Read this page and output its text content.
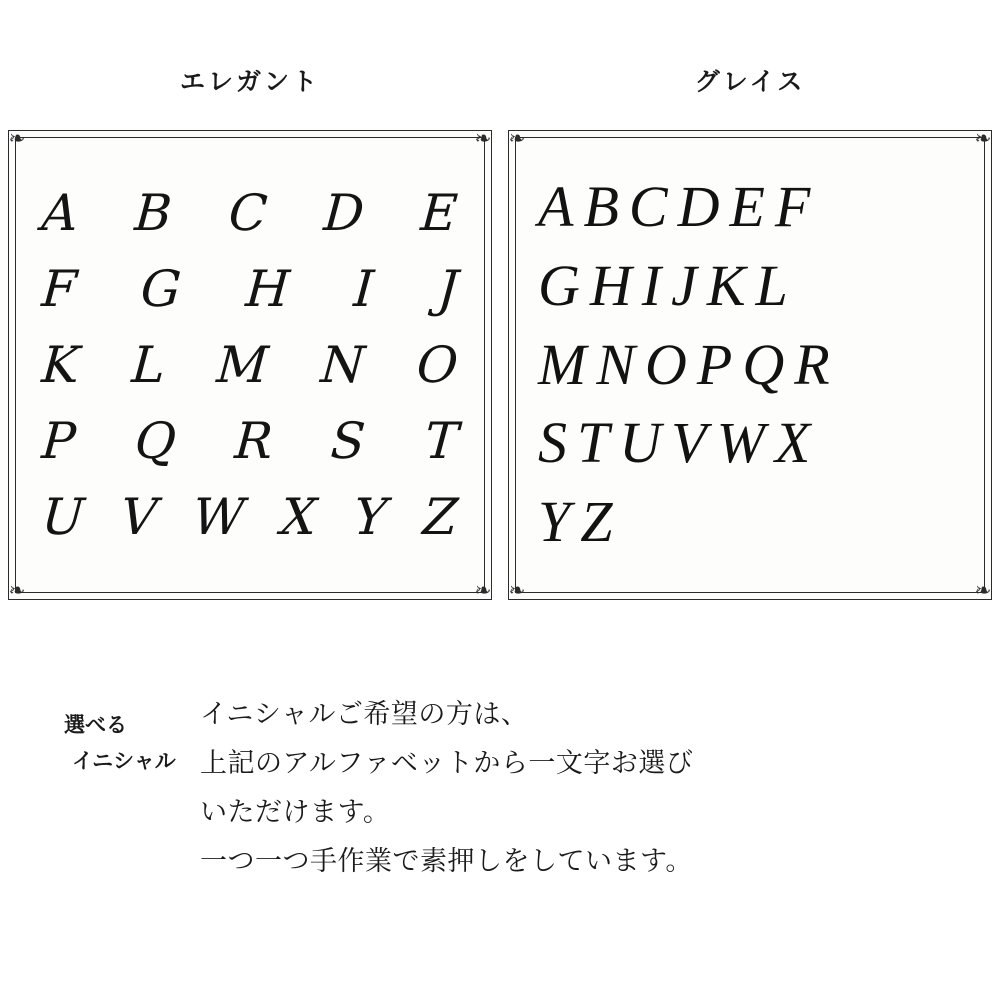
エレガント	グレイス
❧	❧
❧	❧
A B C D E
F G H I J
K L M N O
P Q R S T
U V W X Y Z
❧	❧
❧	❧
A B C D E F
G H I J K L
M N O P Q R
S T U V W X
Y Z
選べる
イニシャル

イニシャルご希望の方は、

上記のアルファベットから一文字お選び

いただけます。

一つ一つ手作業で素押しをしています。
